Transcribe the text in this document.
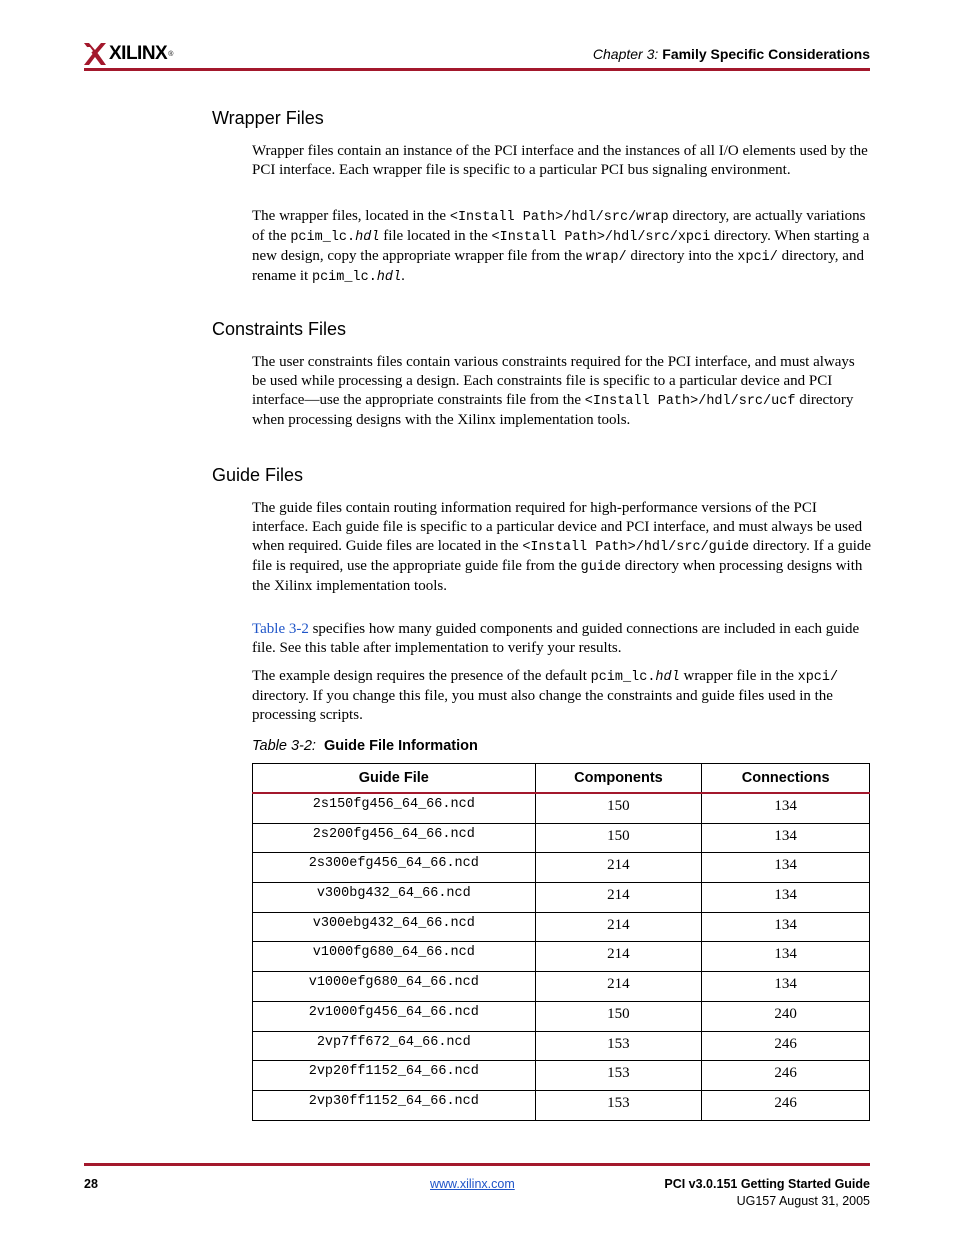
XILINX ®	Chapter 3: Family Specific Considerations
Wrapper Files

Wrapper files contain an instance of the PCI interface and the instances of all I/O elements used by the PCI interface. Each wrapper file is specific to a particular PCI bus signaling environment.

The wrapper files, located in the <Install Path>/hdl/src/wrap directory, are actually variations of the pcim_lc.hdl file located in the <Install Path>/hdl/src/xpci directory. When starting a new design, copy the appropriate wrapper file from the wrap/ directory into the xpci/ directory, and rename it pcim_lc.hdl.

Constraints Files

The user constraints files contain various constraints required for the PCI interface, and must always be used while processing a design. Each constraints file is specific to a particular device and PCI interface—use the appropriate constraints file from the <Install Path>/hdl/src/ucf directory when processing designs with the Xilinx implementation tools.

Guide Files

The guide files contain routing information required for high-performance versions of the PCI interface. Each guide file is specific to a particular device and PCI interface, and must always be used when required. Guide files are located in the <Install Path>/hdl/src/guide directory. If a guide file is required, use the appropriate guide file from the guide directory when processing designs with the Xilinx implementation tools.

Table 3-2 specifies how many guided components and guided connections are included in each guide file. See this table after implementation to verify your results.

The example design requires the presence of the default pcim_lc.hdl wrapper file in the xpci/ directory. If you change this file, you must also change the constraints and guide files used in the processing scripts.

Table 3-2: Guide File Information
Guide File	Components	Connections
2s150fg456_64_66.ncd	150	134
2s200fg456_64_66.ncd	150	134
2s300efg456_64_66.ncd	214	134
v300bg432_64_66.ncd	214	134
v300ebg432_64_66.ncd	214	134
v1000fg680_64_66.ncd	214	134
v1000efg680_64_66.ncd	214	134
2v1000fg456_64_66.ncd	150	240
2vp7ff672_64_66.ncd	153	246
2vp20ff1152_64_66.ncd	153	246
2vp30ff1152_64_66.ncd	153	246
28	www.xilinx.com	PCI v3.0.151 Getting Started Guide
UG157 August 31, 2005
